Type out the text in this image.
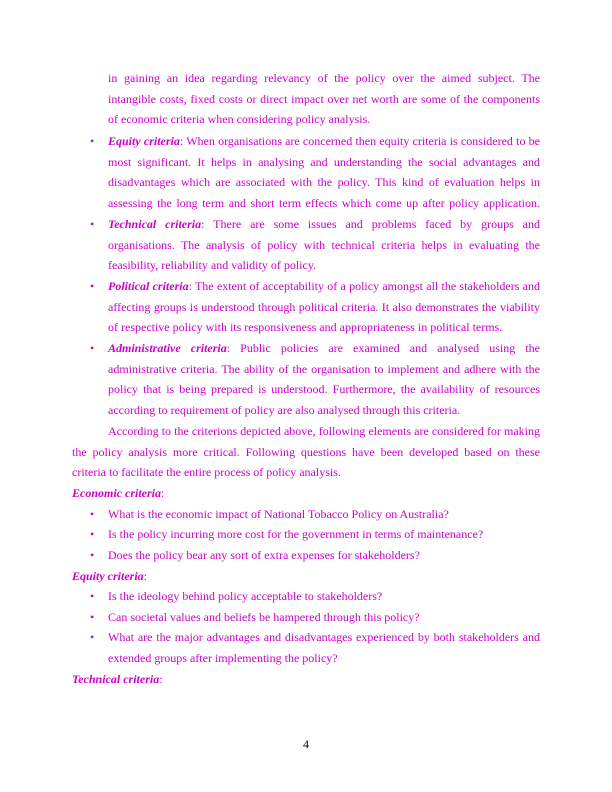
in gaining an idea regarding relevancy of the policy over the aimed subject. The
intangible costs, fixed costs or direct impact over net worth are some of the components
of economic criteria when considering policy analysis.
• Equity criteria: When organisations are concerned then equity criteria is considered to be
most significant. It helps in analysing and understanding the social advantages and
disadvantages which are associated with the policy. This kind of evaluation helps in
assessing the long term and short term effects which come up after policy application.
• Technical criteria: There are some issues and problems faced by groups and
organisations. The analysis of policy with technical criteria helps in evaluating the
feasibility, reliability and validity of policy.
• Political criteria: The extent of acceptability of a policy amongst all the stakeholders and
affecting groups is understood through political criteria. It also demonstrates the viability
of respective policy with its responsiveness and appropriateness in political terms.
• Administrative criteria: Public policies are examined and analysed using the
administrative criteria. The ability of the organisation to implement and adhere with the
policy that is being prepared is understood. Furthermore, the availability of resources
according to requirement of policy are also analysed through this criteria.
According to the criterions depicted above, following elements are considered for making
the policy analysis more critical. Following questions have been developed based on these
criteria to facilitate the entire process of policy analysis.
Economic criteria:
• What is the economic impact of National Tobacco Policy on Australia?
• Is the policy incurring more cost for the government in terms of maintenance?
• Does the policy bear any sort of extra expenses for stakeholders?
Equity criteria:
• Is the ideology behind policy acceptable to stakeholders?
• Can societal values and beliefs be hampered through this policy?
• What are the major advantages and disadvantages experienced by both stakeholders and
extended groups after implementing the policy?
Technical criteria:
4
